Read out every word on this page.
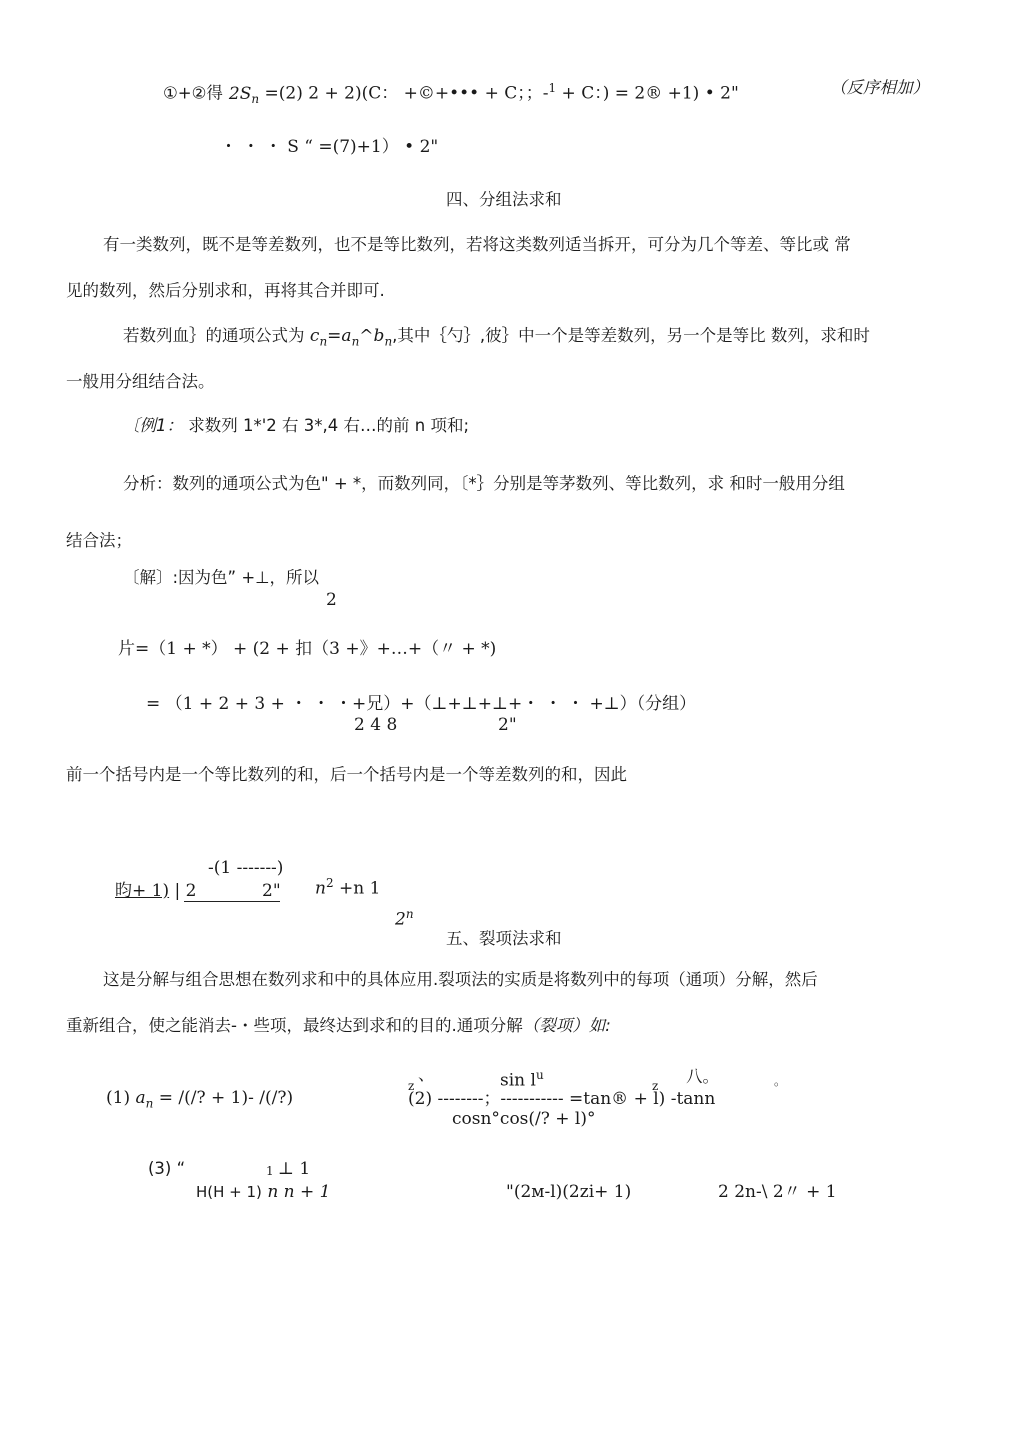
①+②得 $2S_n =(2) 2 + 2)(C$： +©+••• + C；；-$^1$ + C：) = 2® +1) • 2"	（反序相加）
・ ・ ・ S “ =(7)+1） • 2"
四、分组法求和
有一类数列，既不是等差数列，也不是等比数列，若将这类数列适当拆开，可分为几个等差、等比或 常
见的数列，然后分别求和，再将其合并即可.
若数列血｝的通项公式为 $c_n=a_n\^{}b_n$,其中｛勺｝,彼｝中一个是等差数列，另一个是等比 数列，求和时
一般用分组结合法。
〔例1： 求数列 1*'2 右 3*,4 右…的前 n 项和;
分析：数列的通项公式为色" + *，而数列同，〔*｝分别是等茅数列、等比数列，求 和时一般用分组
结合法；
〔解〕:因为色” +⊥，所以
2
片=（1 + *） + (2 + 扣（3 +》+…+（〃 + *)
= （1 + 2 + 3 + ・ ・ ・+兄）+（⊥+⊥+⊥+・ ・ ・ +⊥）（分组）
2 4 8	2"
前一个括号内是一个等比数列的和，后一个括号内是一个等差数列的和，因此
-(1 -------)
昀+ 1) | 2	2" $n^2 +n$ 1
2$^n$
五、裂项法求和
这是分解与组合思想在数列求和中的具体应用.裂项法的实质是将数列中的每项（通项）分解，然后
重新组合，使之能消去-・些项，最终达到求和的目的.通项分解（裂项）如:
(1) $a_n$ = /(/? + 1)- /(/?)
z
、	$\sin l^u$
z 八。	。
(2) --------；----------- =tan® + l) -tann
cosn°cos(/? + l)°
(3) “	1 ⊥ 1
H(H + 1) n n + 1	"(2ᴍ-l)(2zi+ 1)	2 2n-\ 2〃 + 1
